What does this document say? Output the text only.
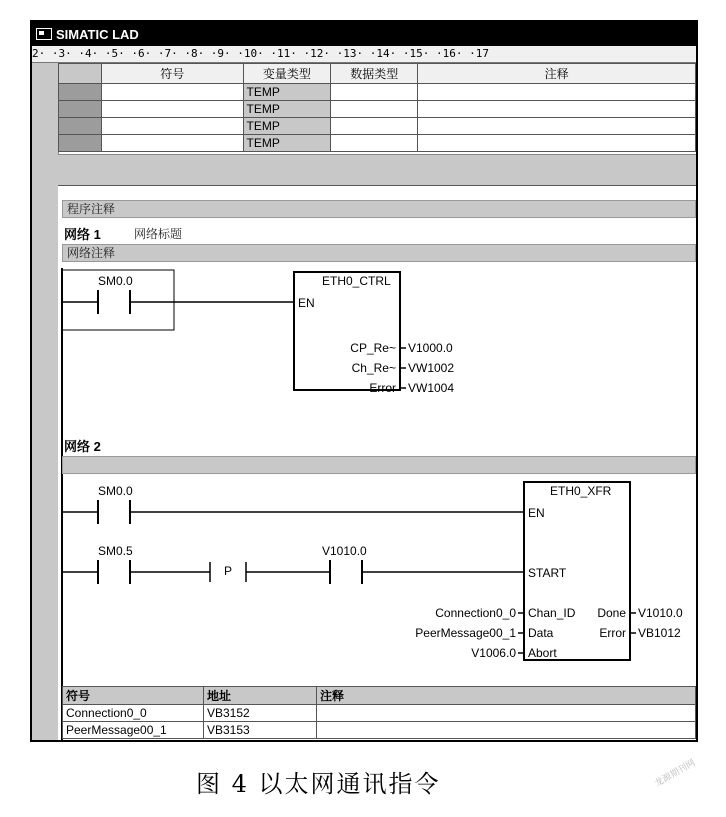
SIMATIC LAD
2· ·3· ·4· ·5· ·6· ·7· ·8· ·9· ·10· ·11· ·12· ·13· ·14· ·15· ·16· ·17
	符号	变量类型	数据类型	注释
		TEMP		
		TEMP		
		TEMP		
		TEMP		
程序注释
网络 1	网络标题
网络注释
SM0.0	ETH0_CTRL
EN
CP_Re~ V1000.0
Ch_Re~ VW1002
Error VW1004
网络 2
SM0.0
SM0.5
P
V1010.0
ETH0_XFR
EN
START
Connection0_0 Chan_ID
PeerMessage00_1 Data
V1006.0 Abort
Done V1010.0
Error VB1012
符号	地址	注释
Connection0_0	VB3152	
PeerMessage00_1	VB3153	
图 4 以太网通讯指令	龙源期刊网
